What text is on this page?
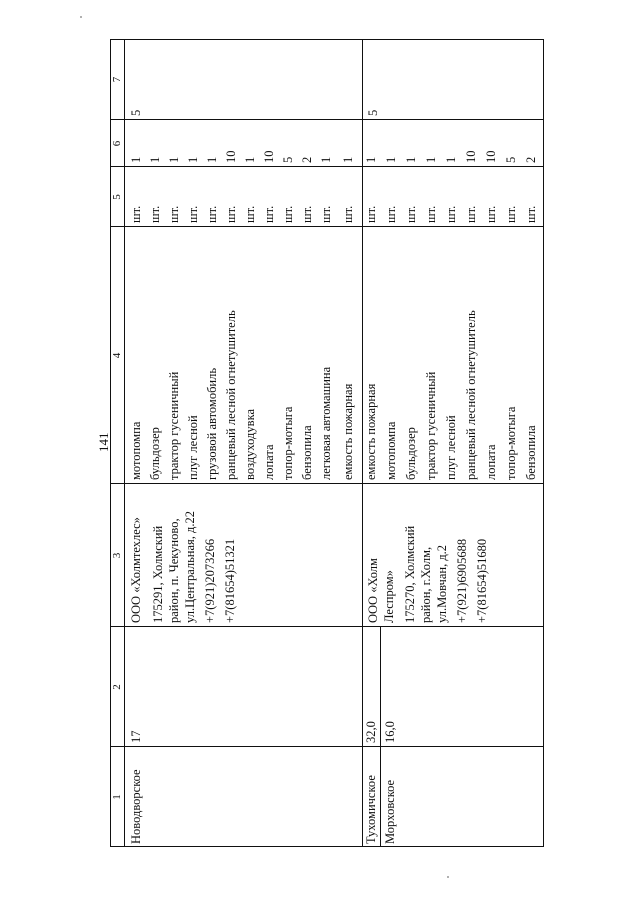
141
1
2
3
4
5
6
7
Новодворское
17
ООО «Холмтехлес» 175291, Холмский район, п. Чекуново, ул.Центральная, д.22 +7(921)2073266 +7(81654)51321
5
мотопомпа
шт.
1
бульдозер
шт.
1
трактор гусеничный
шт.
1
плуг лесной
шт.
1
грузовой автомобиль
шт.
1
ранцевый лесной огнетушитель
шт.
10
воздуходувка
шт.
1
лопата
шт.
10
топор-мотыга
шт.
5
бензопила
шт.
2
легковая автомашина
шт.
1
емкость пожарная
шт.
1
Тухомичское
32,0
Морховское
16,0
ООО «Холм Леспром» 175270, Холмский район, г.Холм, ул.Мовчан, д.2 +7(921)6905688 +7(81654)51680
5
емкость пожарная
шт.
1
мотопомпа
шт.
1
бульдозер
шт.
1
трактор гусеничный
шт.
1
плуг лесной
шт.
1
ранцевый лесной огнетушитель
шт.
10
лопата
шт.
10
топор-мотыга
шт.
5
бензопила
шт.
2
